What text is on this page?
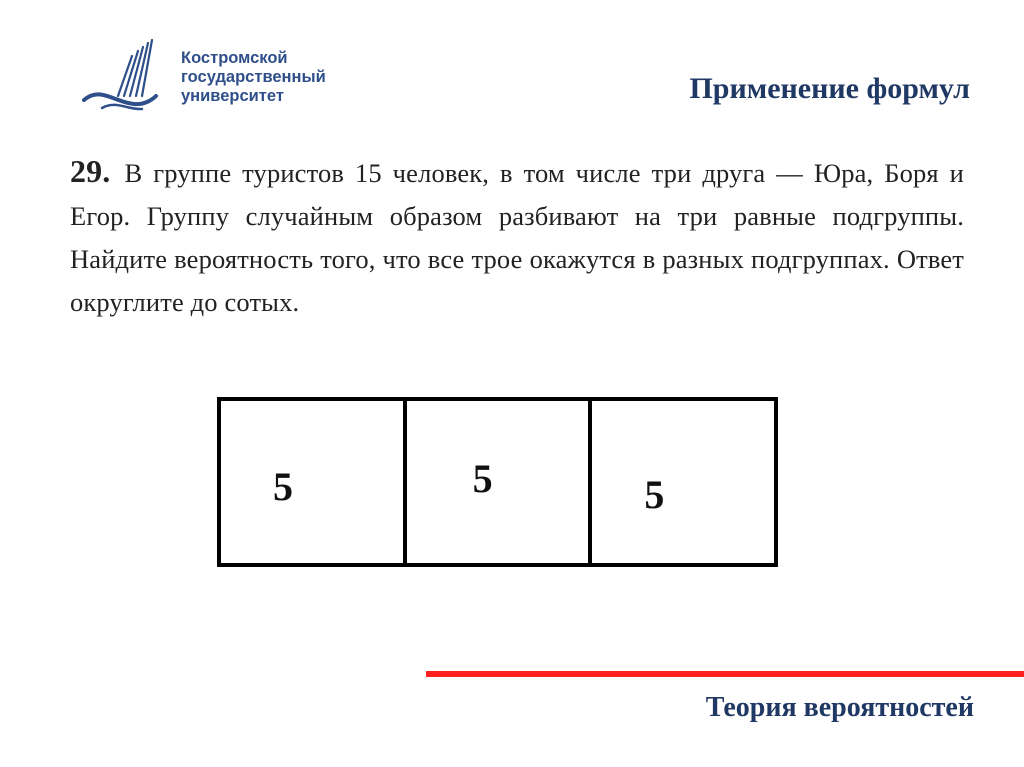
Костромской
государственный
университет	Применение формул
29. В группе туристов 15 человек, в том числе три друга — Юра, Боря и Егор. Группу случайным образом разбивают на три равные подгруппы. Найдите вероятность того, что все трое окажутся в разных подгруппах. Ответ округлите до сотых.
5	5	5
Теория вероятностей
